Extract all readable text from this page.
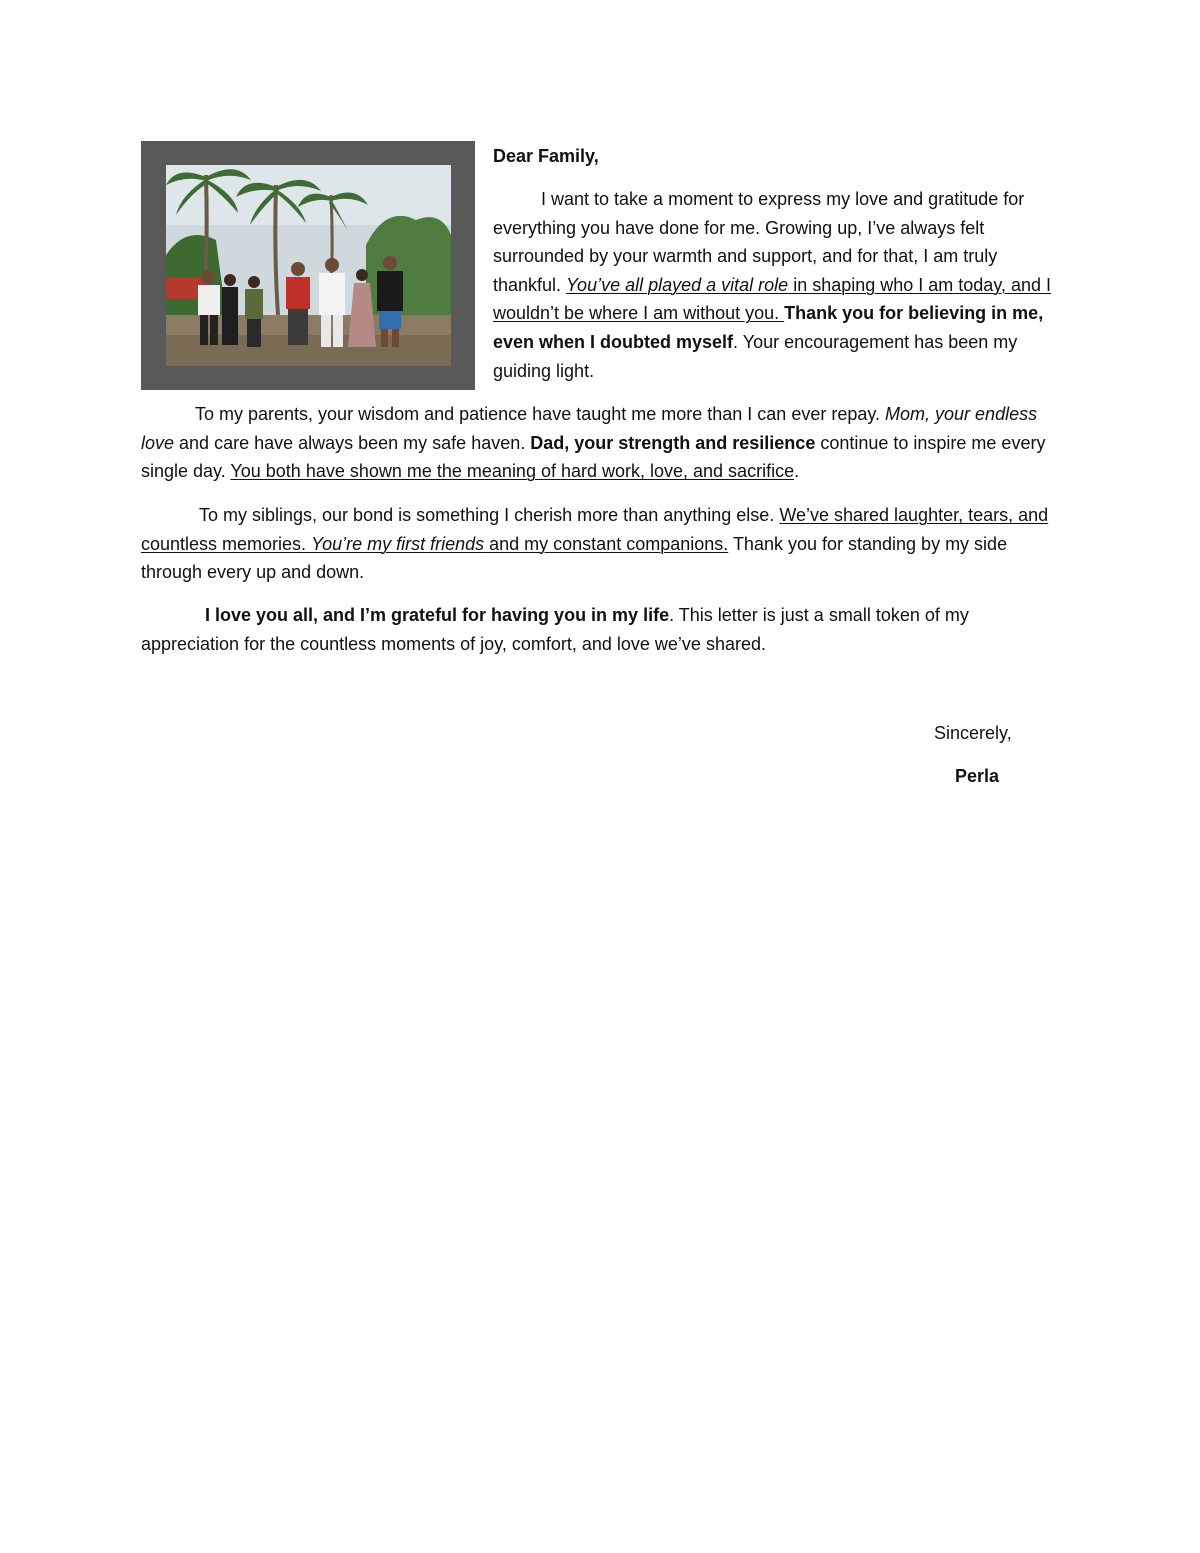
Dear Family,

I want to take a moment to express my love and gratitude for everything you have done for me. Growing up, I’ve always felt surrounded by your warmth and support, and for that, I am truly thankful. You’ve all played a vital role in shaping who I am today, and I wouldn’t be where I am without you. Thank you for believing in me, even when I doubted myself. Your encouragement has been my guiding light.

To my parents, your wisdom and patience have taught me more than I can ever repay. Mom, your endless love and care have always been my safe haven. Dad, your strength and resilience continue to inspire me every single day. You both have shown me the meaning of hard work, love, and sacrifice.

To my siblings, our bond is something I cherish more than anything else. We’ve shared laughter, tears, and countless memories. You’re my first friends and my constant companions. Thank you for standing by my side through every up and down.

I love you all, and I’m grateful for having you in my life. This letter is just a small token of my appreciation for the countless moments of joy, comfort, and love we’ve shared.

Sincerely,

Perla
